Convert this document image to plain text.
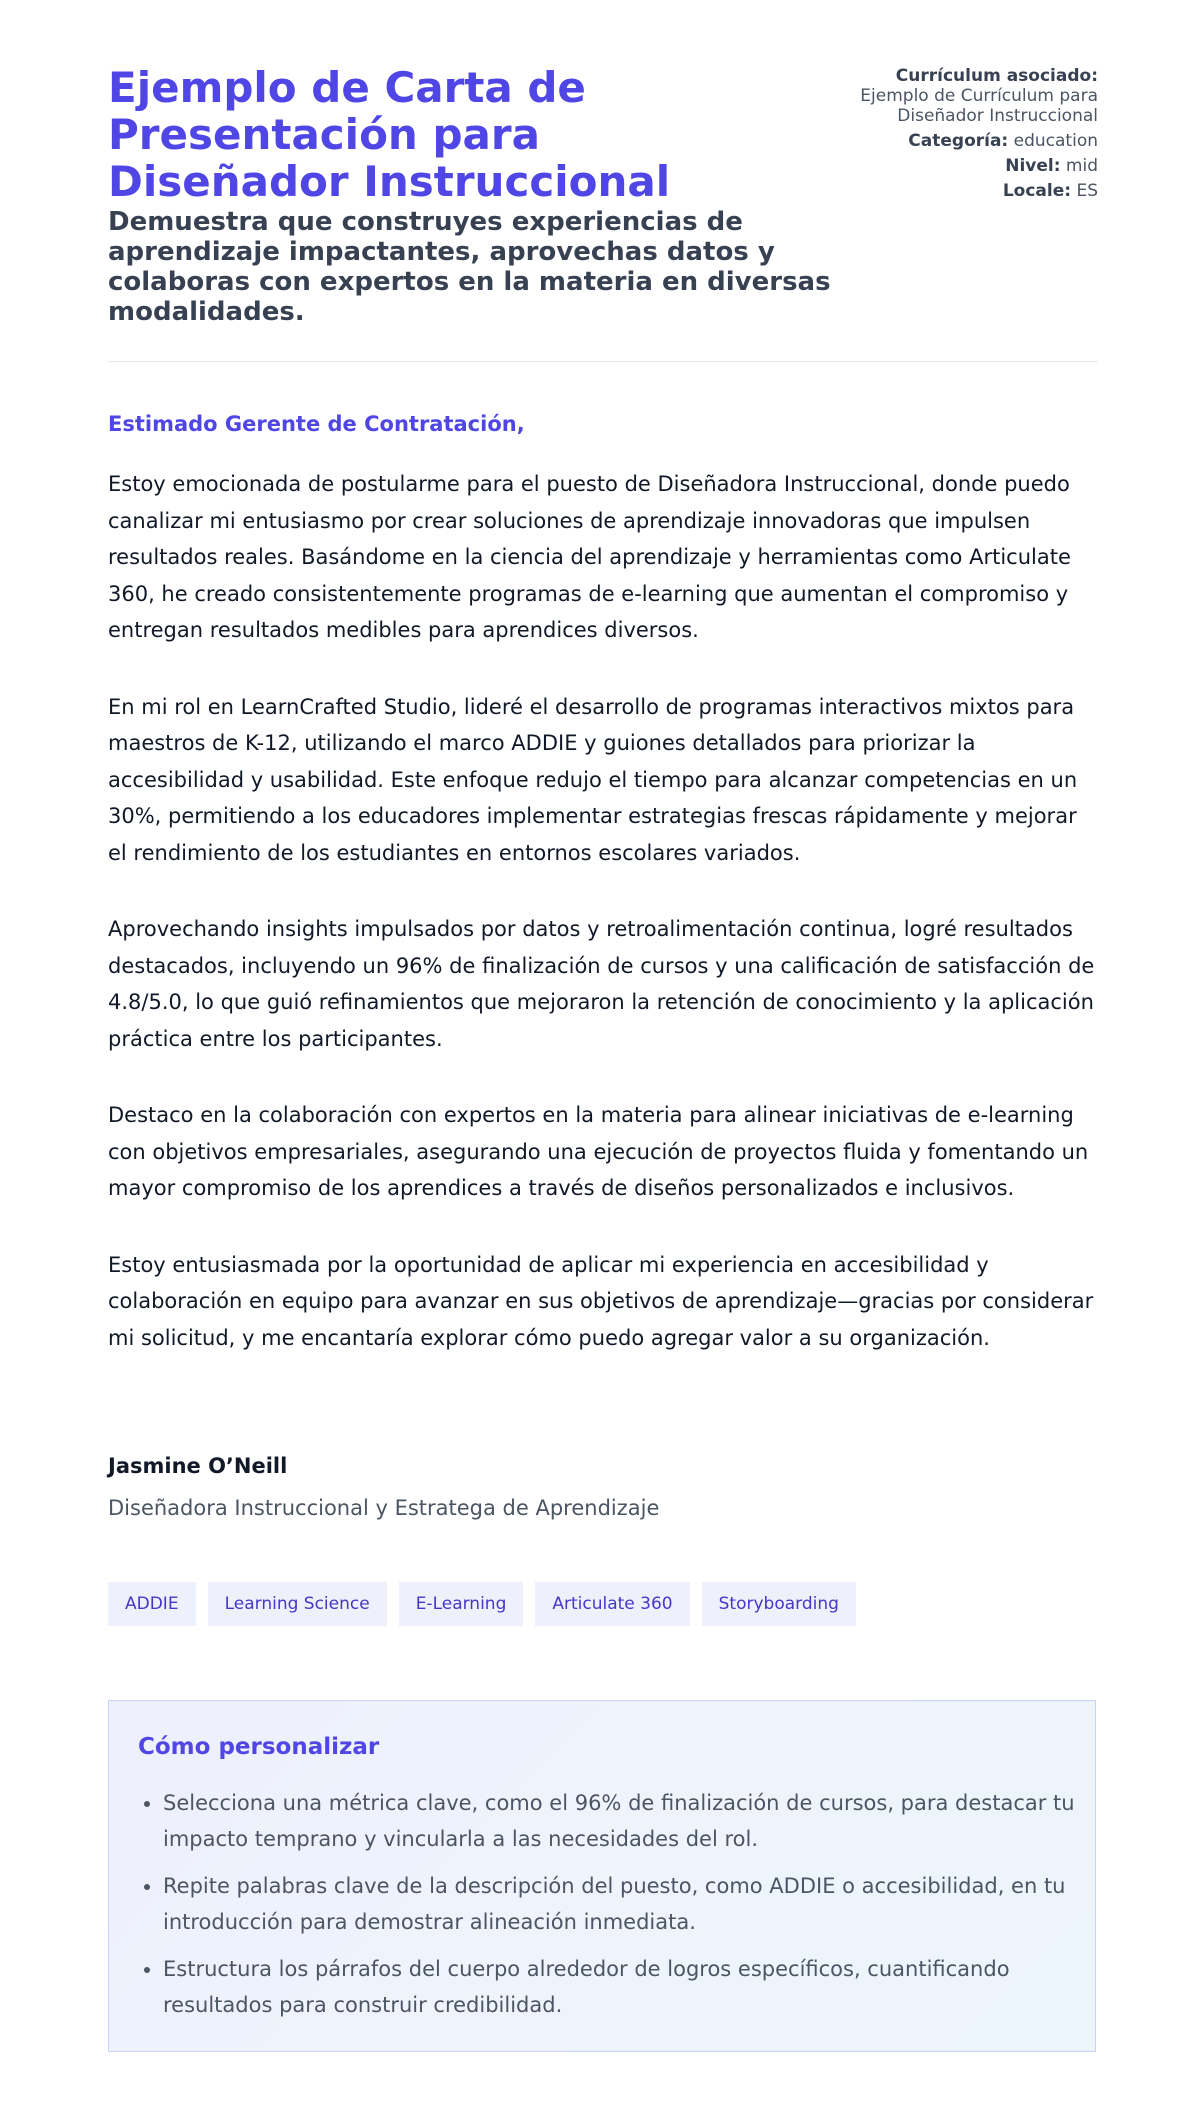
Ejemplo de Carta de Presentación para Diseñador Instruccional
Demuestra que construyes experiencias de aprendizaje impactantes, aprovechas datos y colaboras con expertos en la materia en diversas modalidades.
Currículum asociado:
Ejemplo de Currículum para Diseñador Instruccional
Categoría: education
Nivel: mid
Locale: ES
Estimado Gerente de Contratación,

Estoy emocionada de postularme para el puesto de Diseñadora Instruccional, donde puedo canalizar mi entusiasmo por crear soluciones de aprendizaje innovadoras que impulsen resultados reales. Basándome en la ciencia del aprendizaje y herramientas como Articulate 360, he creado consistentemente programas de e-learning que aumentan el compromiso y entregan resultados medibles para aprendices diversos.

En mi rol en LearnCrafted Studio, lideré el desarrollo de programas interactivos mixtos para maestros de K-12, utilizando el marco ADDIE y guiones detallados para priorizar la accesibilidad y usabilidad. Este enfoque redujo el tiempo para alcanzar competencias en un 30%, permitiendo a los educadores implementar estrategias frescas rápidamente y mejorar el rendimiento de los estudiantes en entornos escolares variados.

Aprovechando insights impulsados por datos y retroalimentación continua, logré resultados destacados, incluyendo un 96% de finalización de cursos y una calificación de satisfacción de 4.8/5.0, lo que guió refinamientos que mejoraron la retención de conocimiento y la aplicación práctica entre los participantes.

Destaco en la colaboración con expertos en la materia para alinear iniciativas de e-learning con objetivos empresariales, asegurando una ejecución de proyectos fluida y fomentando un mayor compromiso de los aprendices a través de diseños personalizados e inclusivos.

Estoy entusiasmada por la oportunidad de aplicar mi experiencia en accesibilidad y colaboración en equipo para avanzar en sus objetivos de aprendizaje—gracias por considerar mi solicitud, y me encantaría explorar cómo puedo agregar valor a su organización.

Jasmine O’Neill
Diseñadora Instruccional y Estratega de Aprendizaje
ADDIE	Learning Science	E-Learning	Articulate 360	Storyboarding
Cómo personalizar
• Selecciona una métrica clave, como el 96% de finalización de cursos, para destacar tu impacto temprano y vincularla a las necesidades del rol.
• Repite palabras clave de la descripción del puesto, como ADDIE o accesibilidad, en tu introducción para demostrar alineación inmediata.
• Estructura los párrafos del cuerpo alrededor de logros específicos, cuantificando resultados para construir credibilidad.
